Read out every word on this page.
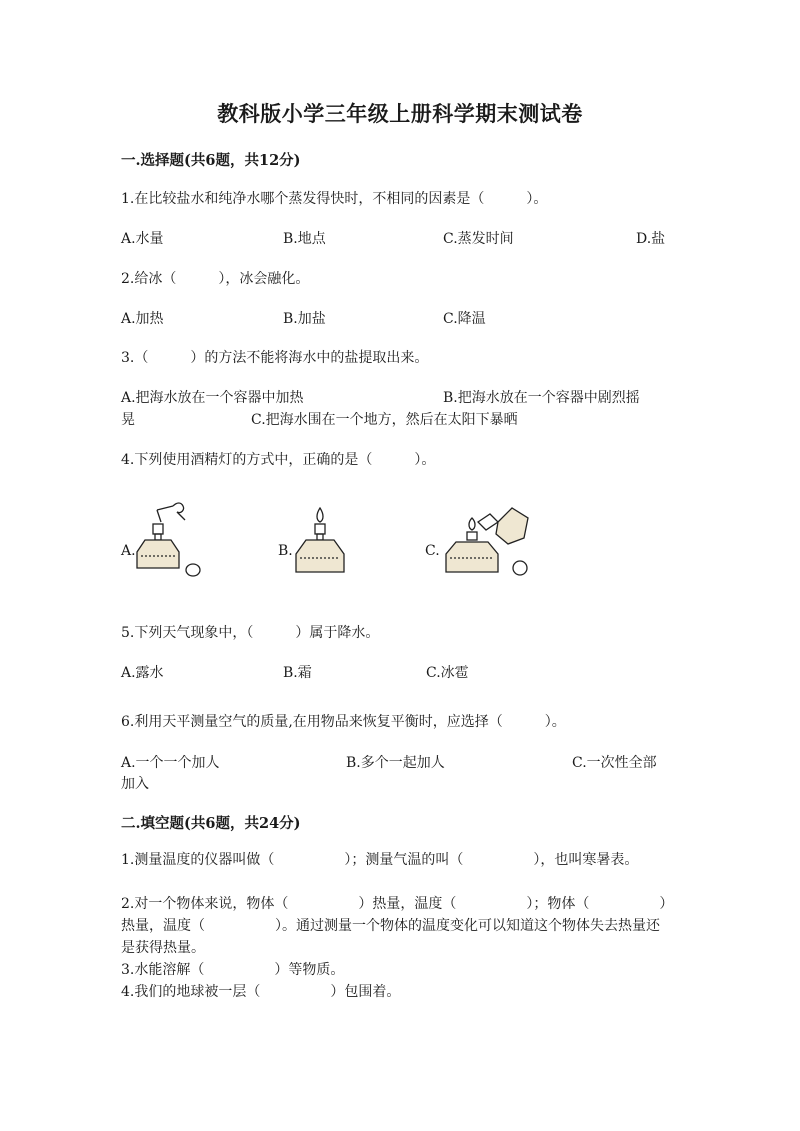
教科版小学三年级上册科学期末测试卷
一.选择题(共6题，共12分)
1.在比较盐水和纯净水哪个蒸发得快时，不相同的因素是（　　　）。
A.水量	B.地点	C.蒸发时间	D.盐
2.给冰（　　　），冰会融化。
A.加热	B.加盐	C.降温
3.（　　　）的方法不能将海水中的盐提取出来。
A.把海水放在一个容器中加热	B.把海水放在一个容器中剧烈摇
晃	C.把海水围在一个地方，然后在太阳下暴晒
4.下列使用酒精灯的方式中，正确的是（　　　）。
A.	B.	C.
5.下列天气现象中，（　　　）属于降水。
A.露水	B.霜	C.冰雹
6.利用天平测量空气的质量,在用物品来恢复平衡时，应选择（　　　）。
A.一个一个加人	B.多个一起加人	C.一次性全部
加入
二.填空题(共6题，共24分)
1.测量温度的仪器叫做（　　　　　）；测量气温的叫（　　　　　），也叫寒暑表。
2.对一个物体来说，物体（　　　　　）热量，温度（　　　　　）；物体（　　　　　）热量，温度（　　　　　）。通过测量一个物体的温度变化可以知道这个物体失去热量还是获得热量。
3.水能溶解（　　　　　）等物质。
4.我们的地球被一层（　　　　　）包围着。
